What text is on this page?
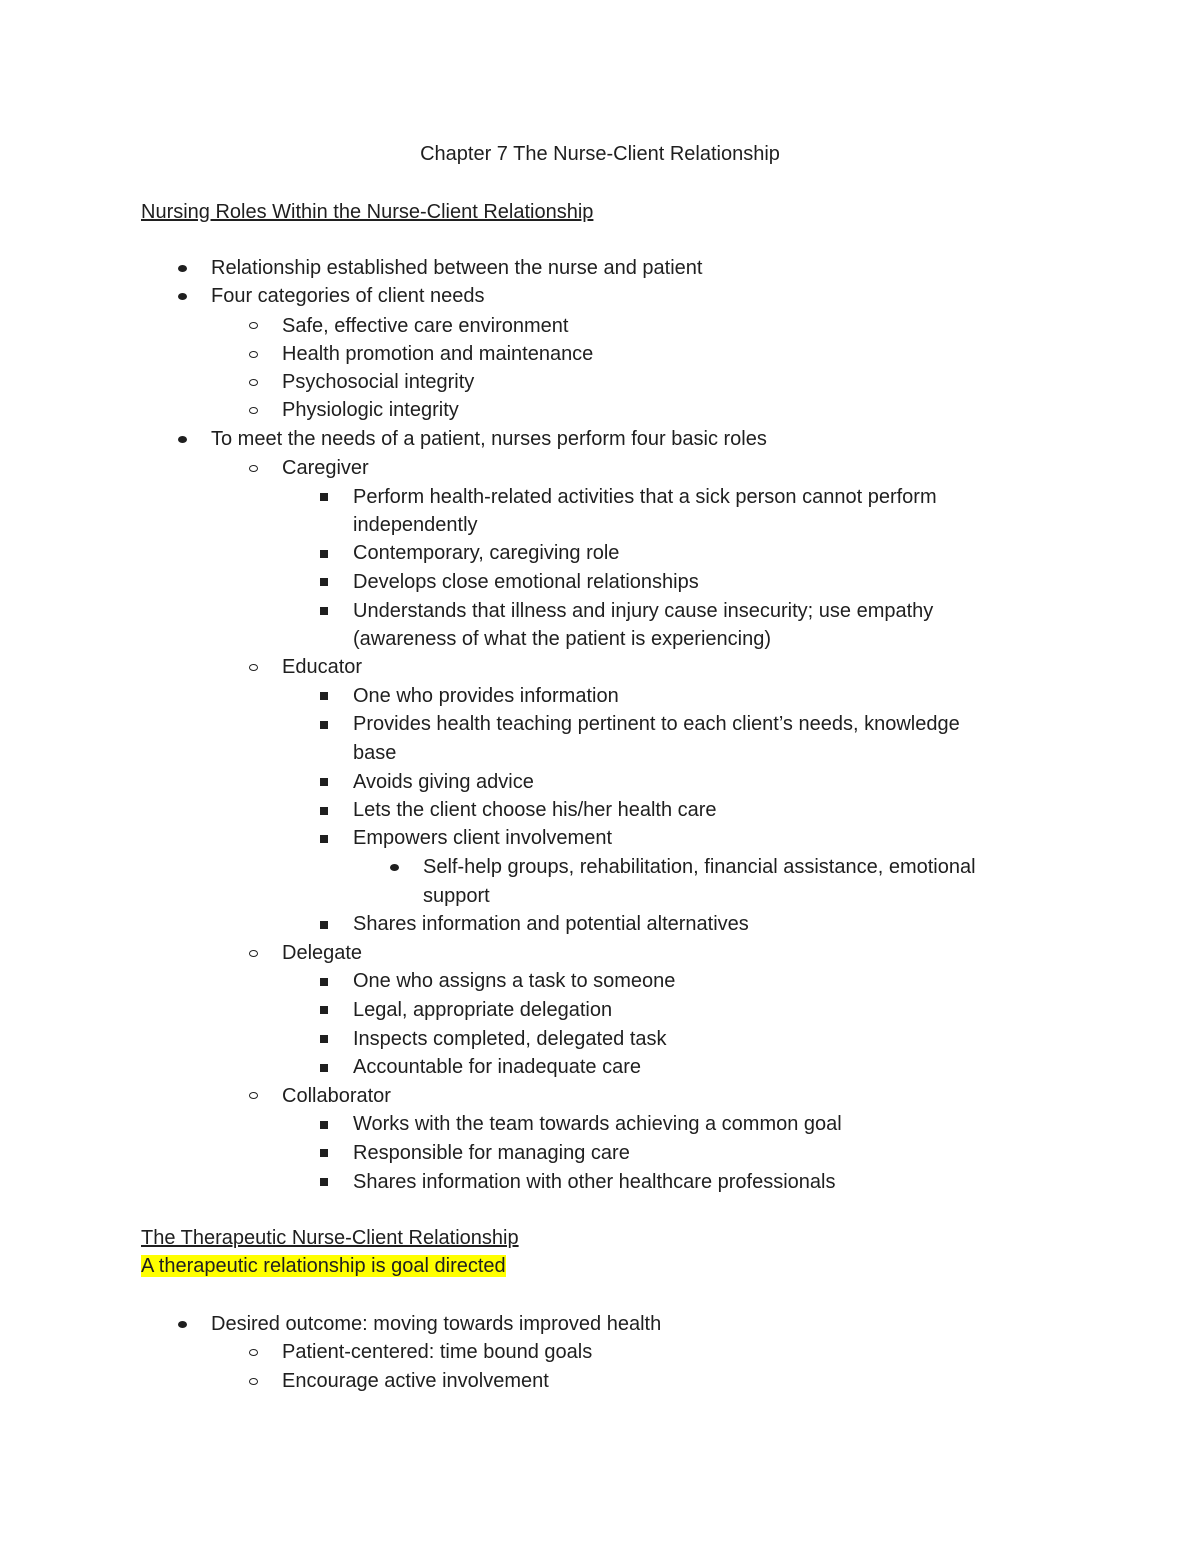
Chapter 7 The Nurse-Client Relationship
Nursing Roles Within the Nurse-Client Relationship
Relationship established between the nurse and patient
Four categories of client needs
Safe, effective care environment
Health promotion and maintenance
Psychosocial integrity
Physiologic integrity
To meet the needs of a patient, nurses perform four basic roles
Caregiver
Perform health-related activities that a sick person cannot perform
independently
Contemporary, caregiving role
Develops close emotional relationships
Understands that illness and injury cause insecurity; use empathy
(awareness of what the patient is experiencing)
Educator
One who provides information
Provides health teaching pertinent to each client’s needs, knowledge
base
Avoids giving advice
Lets the client choose his/her health care
Empowers client involvement
Self-help groups, rehabilitation, financial assistance, emotional
support
Shares information and potential alternatives
Delegate
One who assigns a task to someone
Legal, appropriate delegation
Inspects completed, delegated task
Accountable for inadequate care
Collaborator
Works with the team towards achieving a common goal
Responsible for managing care
Shares information with other healthcare professionals
The Therapeutic Nurse-Client Relationship
A therapeutic relationship is goal directed
Desired outcome: moving towards improved health
Patient-centered: time bound goals
Encourage active involvement
